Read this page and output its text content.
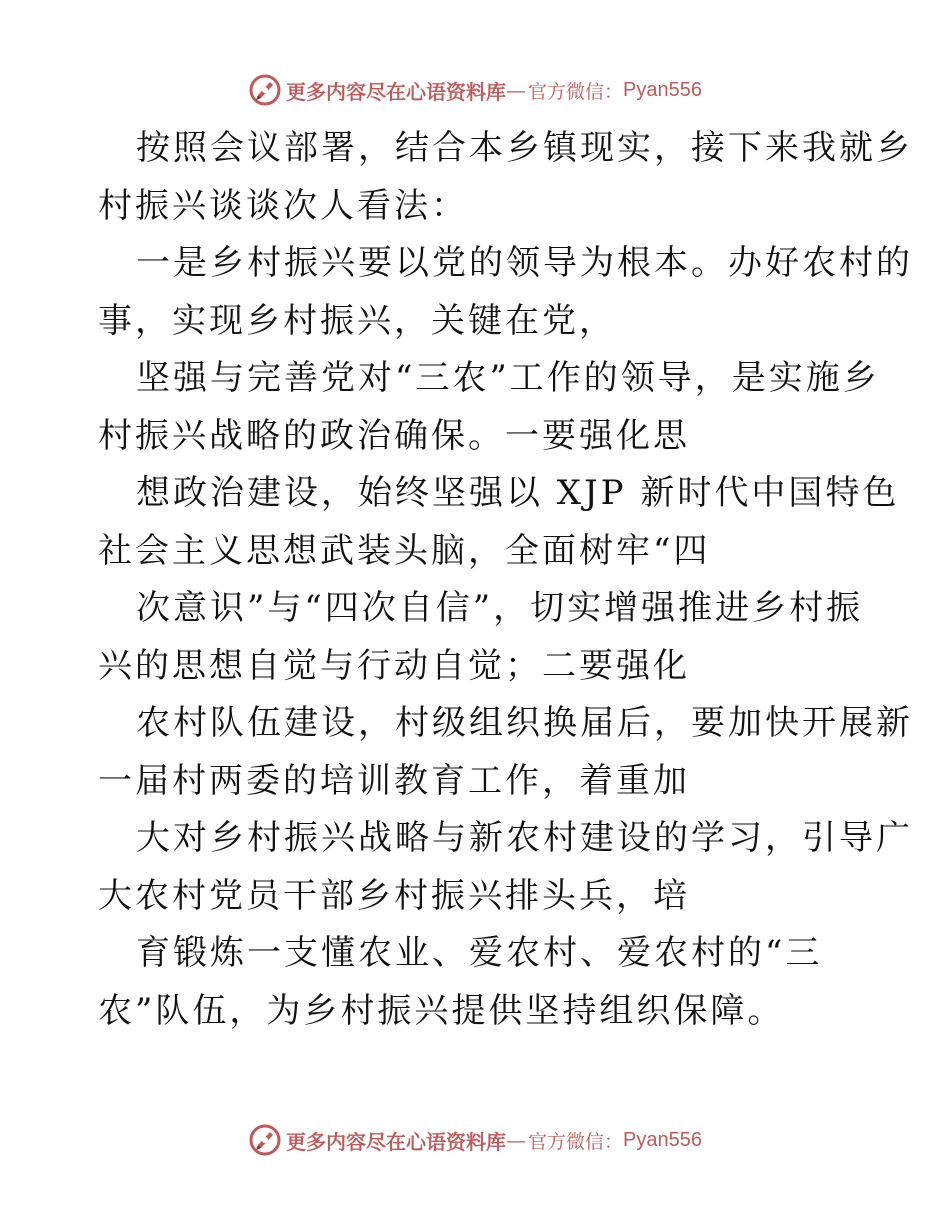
更多内容尽在心语资料库 — 官方微信： Pyan556
按照会议部署，结合本乡镇现实，接下来我就乡
村振兴谈谈次人看法：
一是乡村振兴要以党的领导为根本。办好农村的
事，实现乡村振兴，关键在党，
坚强与完善党对“三农”工作的领导，是实施乡
村振兴战略的政治确保。一要强化思
想政治建设，始终坚强以 XJP 新时代中国特色
社会主义思想武装头脑，全面树牢“四
次意识”与“四次自信”，切实增强推进乡村振
兴的思想自觉与行动自觉；二要强化
农村队伍建设，村级组织换届后，要加快开展新
一届村两委的培训教育工作，着重加
大对乡村振兴战略与新农村建设的学习，引导广
大农村党员干部乡村振兴排头兵，培
育锻炼一支懂农业、爱农村、爱农村的“三
农”队伍，为乡村振兴提供坚持组织保障。
更多内容尽在心语资料库 — 官方微信： Pyan556
